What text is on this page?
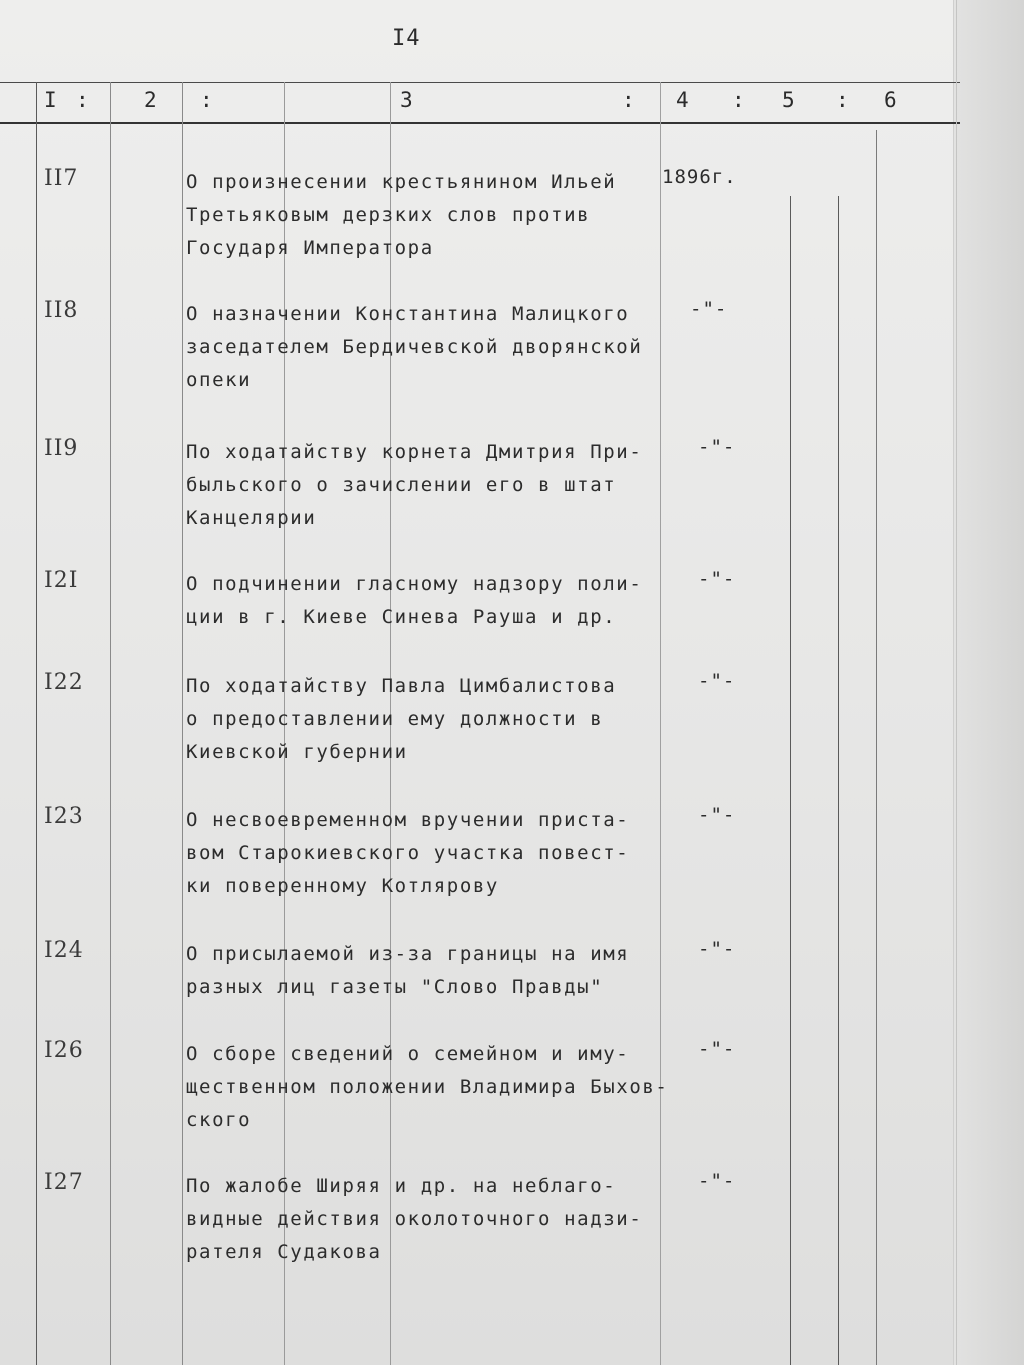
I4
I :	2 :	3	: 4 : 5 : 6
II7	О произнесении крестьянином Ильей
Третьяковым дерзких слов против
Государя Императора
1896г.
II8	О назначении Константина Малицкого
заседателем Бердичевской дворянской
опеки
-"-
II9	По ходатайству корнета Дмитрия При-
быльского о зачислении его в штат
Канцелярии
-"-
I2I	О подчинении гласному надзору поли-
ции в г. Киеве Синева Рауша и др.
-"-
I22	По ходатайству Павла Цимбалистова
о предоставлении ему должности в
Киевской губернии
-"-
I23	О несвоевременном вручении пристa-
вом Старокиевского участка повест-
ки поверенному Котлярову
-"-
I24	О присылаемой из-за границы на имя
разных лиц газеты "Слово Правды"
-"-
I26	О сборе сведений о семейном и иму-
щественном положении Владимира Быхов-
ского
-"-
I27	По жалобе Ширяя и др. на неблаго-
видные действия околоточного надзи-
рателя Судакова
-"-
